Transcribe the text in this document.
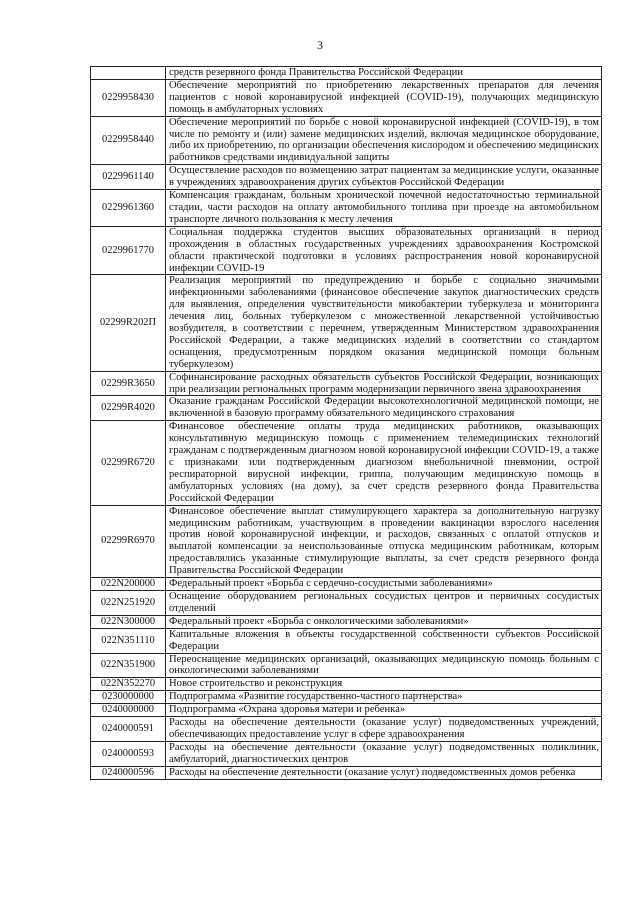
3
	средств резервного фонда Правительства Российской Федерации
0229958430	Обеспечение мероприятий по приобретению лекарственных препаратов для лечения пациентов с новой коронавирусной инфекцией (COVID-19), получающих медицинскую помощь в амбулаторных условиях
0229958440	Обеспечение мероприятий по борьбе с новой коронавирусной инфекцией (COVID-19), в том числе по ремонту и (или) замене медицинских изделий, включая медицинское оборудование, либо их приобретению, по организации обеспечения кислородом и обеспечению медицинских работников средствами индивидуальной защиты
0229961140	Осуществление расходов по возмещению затрат пациентам за медицинские услуги, оказанные в учреждениях здравоохранения других субъектов Российской Федерации
0229961360	Компенсация гражданам, больным хронической почечной недостаточностью терминальной стадии, части расходов на оплату автомобильного топлива при проезде на автомобильном транспорте личного пользования к месту лечения
0229961770	Социальная поддержка студентов высших образовательных организаций в период прохождения в областных государственных учреждениях здравоохранения Костромской области практической подготовки в условиях распространения новой коронавирусной инфекции COVID-19
02299R202П	Реализация мероприятий по предупреждению и борьбе с социально значимыми инфекционными заболеваниями (финансовое обеспечение закупок диагностических средств для выявления, определения чувствительности микобактерии туберкулеза и мониторинга лечения лиц, больных туберкулезом с множественной лекарственной устойчивостью возбудителя, в соответствии с перечнем, утвержденным Министерством здравоохранения Российской Федерации, а также медицинских изделий в соответствии со стандартом оснащения, предусмотренным порядком оказания медицинской помощи больным туберкулезом)
02299R3650	Софинансирование расходных обязательств субъектов Российской Федерации, возникающих при реализации региональных программ модернизации первичного звена здравоохранения
02299R4020	Оказание гражданам Российской Федерации высокотехнологичной медицинской помощи, не включенной в базовую программу обязательного медицинского страхования
02299R6720	Финансовое обеспечение оплаты труда медицинских работников, оказывающих консультативную медицинскую помощь с применением телемедицинских технологий гражданам с подтвержденным диагнозом новой коронавирусной инфекции COVID-19, а также с признаками или подтвержденным диагнозом внебольничной пневмонии, острой респираторной вирусной инфекции, гриппа, получающим медицинскую помощь в амбулаторных условиях (на дому), за счет средств резервного фонда Правительства Российской Федерации
02299R6970	Финансовое обеспечение выплат стимулирующего характера за дополнительную нагрузку медицинским работникам, участвующим в проведении вакцинации взрослого населения против новой коронавирусной инфекции, и расходов, связанных с оплатой отпусков и выплатой компенсации за неиспользованные отпуска медицинским работникам, которым предоставлялись указанные стимулирующие выплаты, за счет средств резервного фонда Правительства Российской Федерации
022N200000	Федеральный проект «Борьба с сердечно-сосудистыми заболеваниями»
022N251920	Оснащение оборудованием региональных сосудистых центров и первичных сосудистых отделений
022N300000	Федеральный проект «Борьба с онкологическими заболеваниями»
022N351110	Капитальные вложения в объекты государственной собственности субъектов Российской Федерации
022N351900	Переоснащение медицинских организаций, оказывающих медицинскую помощь больным с онкологическими заболеваниями
022N352270	Новое строительство и реконструкция
0230000000	Подпрограмма «Развитие государственно-частного партнерства»
0240000000	Подпрограмма «Охрана здоровья матери и ребенка»
0240000591	Расходы на обеспечение деятельности (оказание услуг) подведомственных учреждений, обеспечивающих предоставление услуг в сфере здравоохранения
0240000593	Расходы на обеспечение деятельности (оказание услуг) подведомственных поликлиник, амбулаторий, диагностических центров
0240000596	Расходы на обеспечение деятельности (оказание услуг) подведомственных домов ребенка
